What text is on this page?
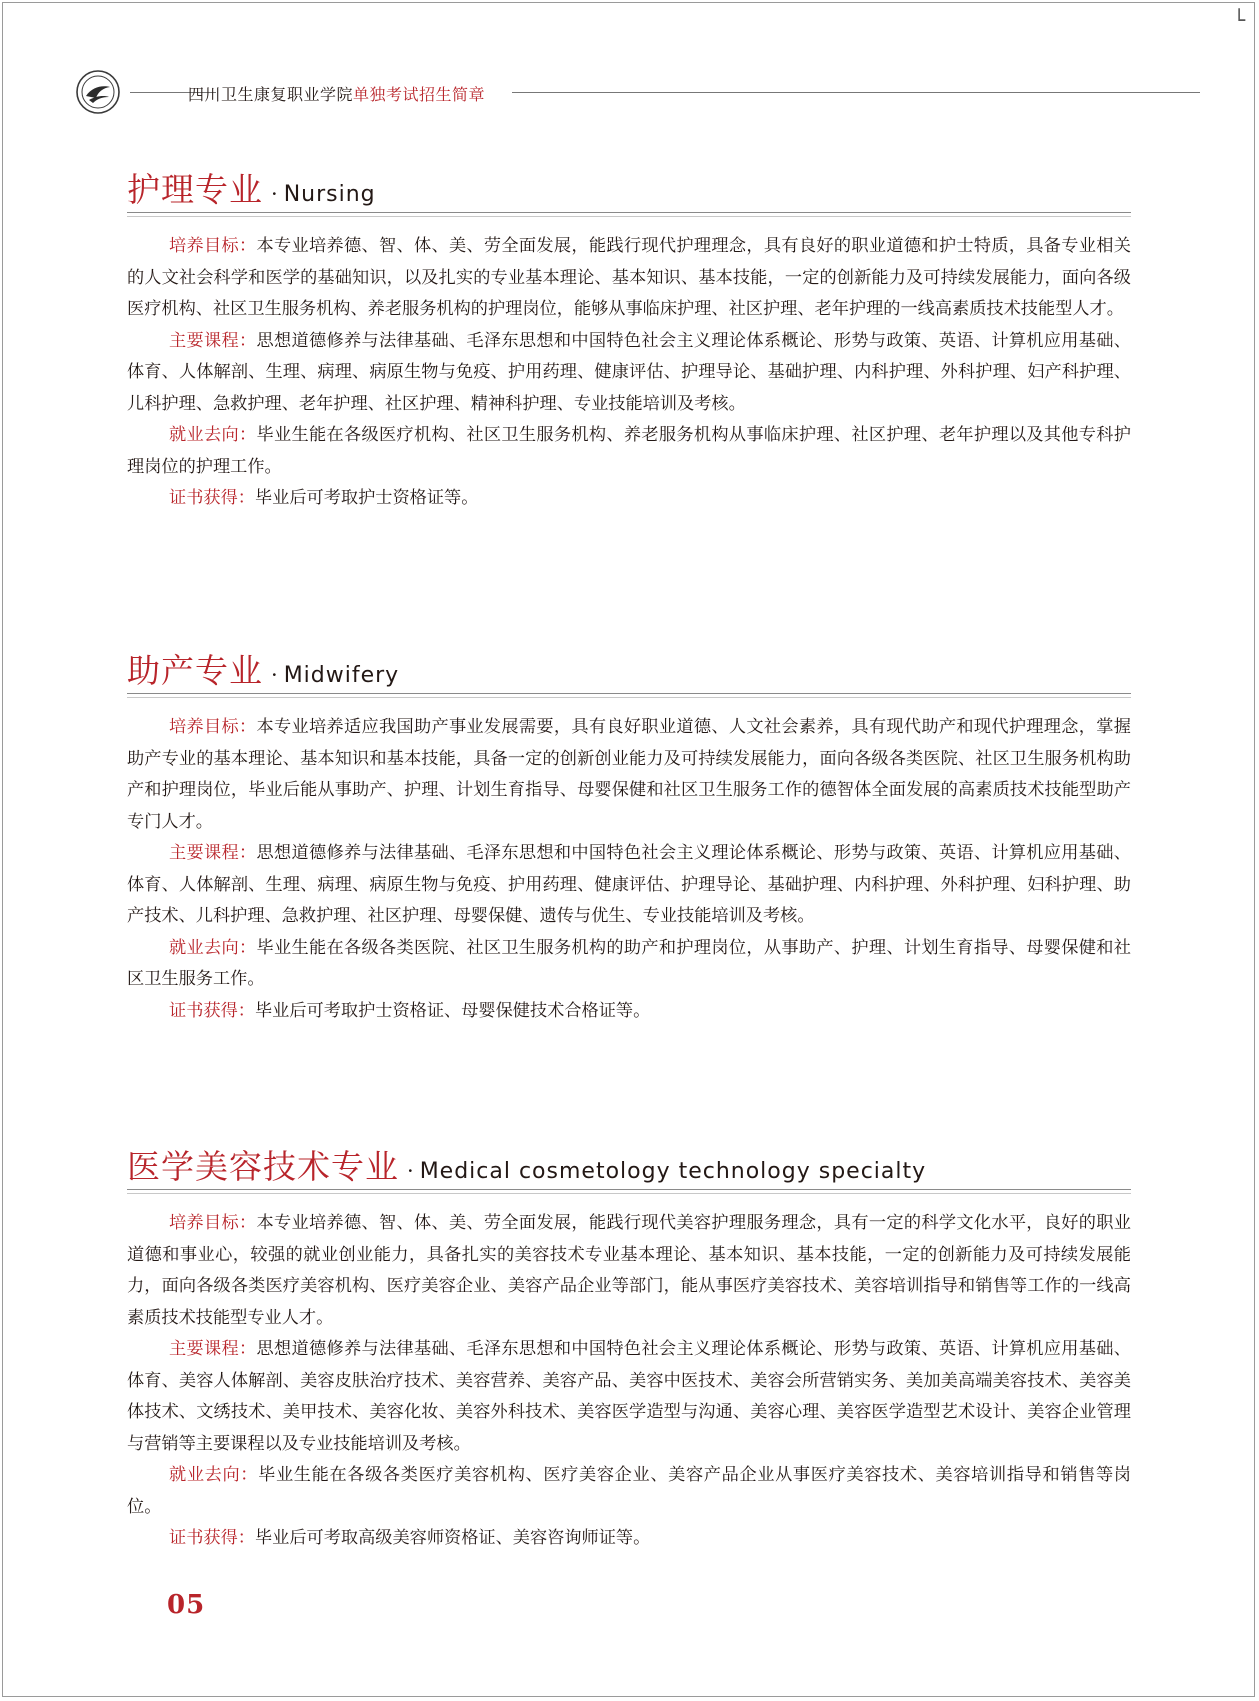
└
四川卫生康复职业学院单独考试招生简章
护理专业 · Nursing

培养目标：本专业培养德、智、体、美、劳全面发展，能践行现代护理理念，具有良好的职业道德和护士特质，具备专业相关的人文社会科学和医学的基础知识，以及扎实的专业基本理论、基本知识、基本技能，一定的创新能力及可持续发展能力，面向各级医疗机构、社区卫生服务机构、养老服务机构的护理岗位，能够从事临床护理、社区护理、老年护理的一线高素质技术技能型人才。

主要课程：思想道德修养与法律基础、毛泽东思想和中国特色社会主义理论体系概论、形势与政策、英语、计算机应用基础、体育、人体解剖、生理、病理、病原生物与免疫、护用药理、健康评估、护理导论、基础护理、内科护理、外科护理、妇产科护理、儿科护理、急救护理、老年护理、社区护理、精神科护理、专业技能培训及考核。

就业去向：毕业生能在各级医疗机构、社区卫生服务机构、养老服务机构从事临床护理、社区护理、老年护理以及其他专科护理岗位的护理工作。

证书获得：毕业后可考取护士资格证等。

助产专业 · Midwifery

培养目标：本专业培养适应我国助产事业发展需要，具有良好职业道德、人文社会素养，具有现代助产和现代护理理念，掌握助产专业的基本理论、基本知识和基本技能，具备一定的创新创业能力及可持续发展能力，面向各级各类医院、社区卫生服务机构助产和护理岗位，毕业后能从事助产、护理、计划生育指导、母婴保健和社区卫生服务工作的德智体全面发展的高素质技术技能型助产专门人才。

主要课程：思想道德修养与法律基础、毛泽东思想和中国特色社会主义理论体系概论、形势与政策、英语、计算机应用基础、体育、人体解剖、生理、病理、病原生物与免疫、护用药理、健康评估、护理导论、基础护理、内科护理、外科护理、妇科护理、助产技术、儿科护理、急救护理、社区护理、母婴保健、遗传与优生、专业技能培训及考核。

就业去向：毕业生能在各级各类医院、社区卫生服务机构的助产和护理岗位，从事助产、护理、计划生育指导、母婴保健和社区卫生服务工作。

证书获得：毕业后可考取护士资格证、母婴保健技术合格证等。

医学美容技术专业 · Medical cosmetology technology specialty

培养目标：本专业培养德、智、体、美、劳全面发展，能践行现代美容护理服务理念，具有一定的科学文化水平，良好的职业道德和事业心，较强的就业创业能力，具备扎实的美容技术专业基本理论、基本知识、基本技能，一定的创新能力及可持续发展能力，面向各级各类医疗美容机构、医疗美容企业、美容产品企业等部门，能从事医疗美容技术、美容培训指导和销售等工作的一线高素质技术技能型专业人才。

主要课程：思想道德修养与法律基础、毛泽东思想和中国特色社会主义理论体系概论、形势与政策、英语、计算机应用基础、体育、美容人体解剖、美容皮肤治疗技术、美容营养、美容产品、美容中医技术、美容会所营销实务、美加美高端美容技术、美容美体技术、文绣技术、美甲技术、美容化妆、美容外科技术、美容医学造型与沟通、美容心理、美容医学造型艺术设计、美容企业管理与营销等主要课程以及专业技能培训及考核。

就业去向：毕业生能在各级各类医疗美容机构、医疗美容企业、美容产品企业从事医疗美容技术、美容培训指导和销售等岗位。

证书获得：毕业后可考取高级美容师资格证、美容咨询师证等。

05
